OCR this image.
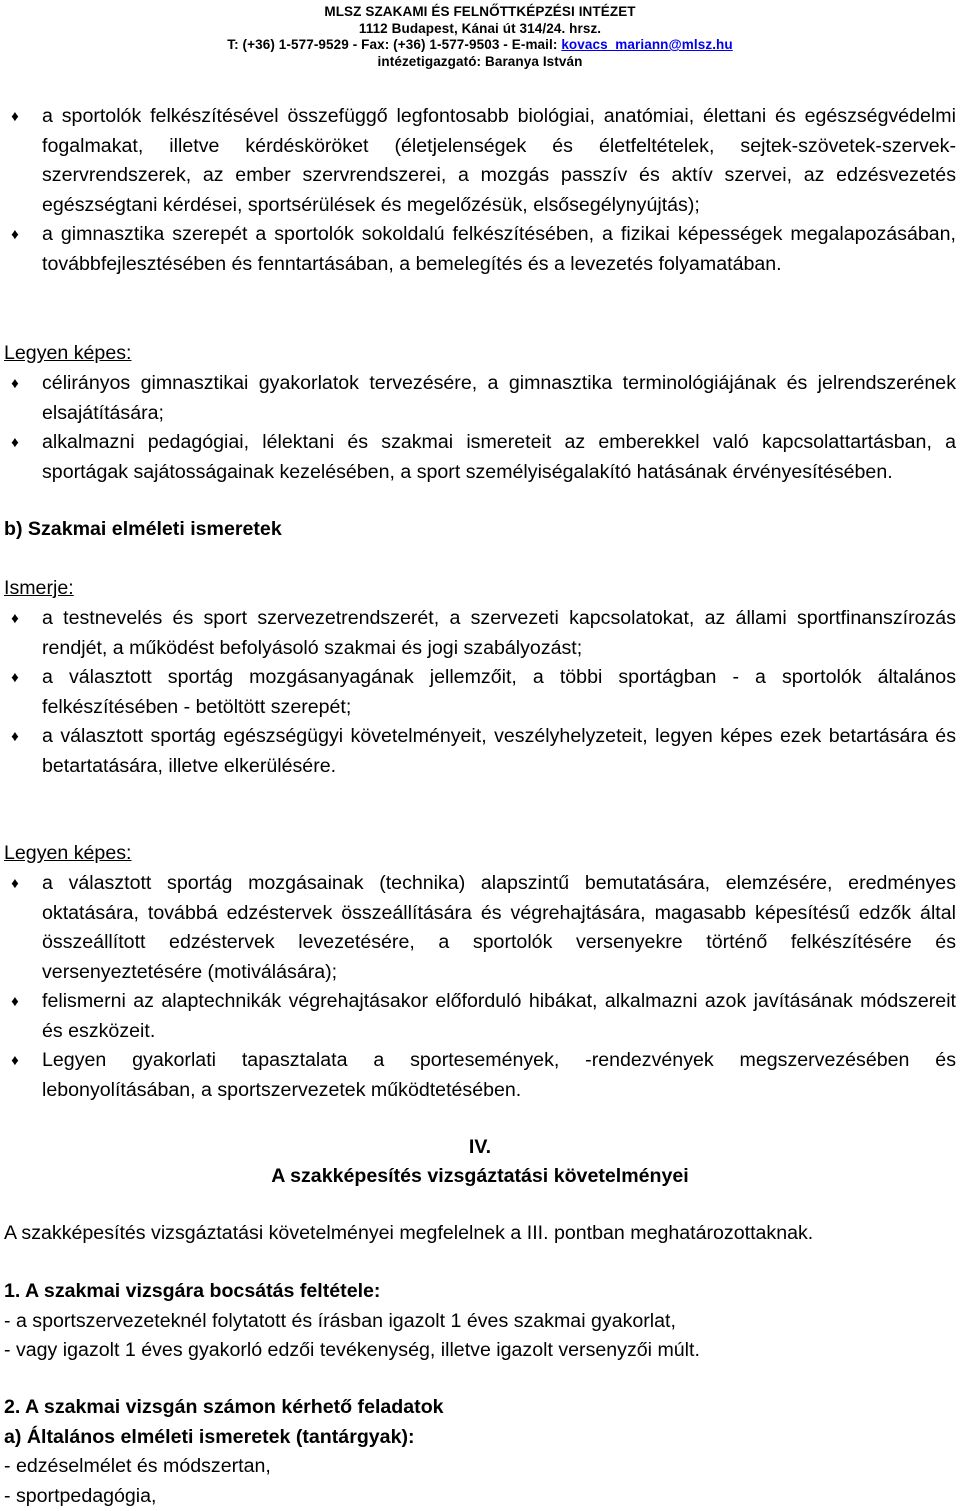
MLSZ SZAKAMI ÉS FELNŐTTKÉPZÉSI INTÉZET
1112 Budapest, Kánai út 314/24. hrsz.
T: (+36) 1-577-9529 - Fax: (+36) 1-577-9503 - E-mail: kovacs_mariann@mlsz.hu
intézetigazgató: Baranya István
♦	a sportolók felkészítésével összefüggő legfontosabb biológiai, anatómiai, élettani és egészségvédelmi fogalmakat, illetve kérdésköröket (életjelenségek és életfeltételek, sejtek-szövetek-szervek-szervrendszerek, az ember szervrendszerei, a mozgás passzív és aktív szervei, az edzésvezetés egészségtani kérdései, sportsérülések és megelőzésük, elsősegélynyújtás);
♦	a gimnasztika szerepét a sportolók sokoldalú felkészítésében, a fizikai képességek megalapozásában, továbbfejlesztésében és fenntartásában, a bemelegítés és a levezetés folyamatában.

Legyen képes:

♦	célirányos gimnasztikai gyakorlatok tervezésére, a gimnasztika terminológiájának és jelrendszerének elsajátítására;
♦	alkalmazni pedagógiai, lélektani és szakmai ismereteit az emberekkel való kapcsolattartásban, a sportágak sajátosságainak kezelésében, a sport személyiségalakító hatásának érvényesítésében.

b) Szakmai elméleti ismeretek

Ismerje:

♦	a testnevelés és sport szervezetrendszerét, a szervezeti kapcsolatokat, az állami sportfinanszírozás rendjét, a működést befolyásoló szakmai és jogi szabályozást;
♦	a választott sportág mozgásanyagának jellemzőit, a többi sportágban - a sportolók általános felkészítésében - betöltött szerepét;
♦	a választott sportág egészségügyi követelményeit, veszélyhelyzeteit, legyen képes ezek betartására és betartatására, illetve elkerülésére.

Legyen képes:

♦	a választott sportág mozgásainak (technika) alapszintű bemutatására, elemzésére, eredményes oktatására, továbbá edzéstervek összeállítására és végrehajtására, magasabb képesítésű edzők által összeállított edzéstervek levezetésére, a sportolók versenyekre történő felkészítésére és versenyeztetésére (motiválására);
♦	felismerni az alaptechnikák végrehajtásakor előforduló hibákat, alkalmazni azok javításának módszereit és eszközeit.
♦	Legyen gyakorlati tapasztalata a sportesemények, -rendezvények megszervezésében és lebonyolításában, a sportszervezetek működtetésében.

IV.

A szakképesítés vizsgáztatási követelményei

A szakképesítés vizsgáztatási követelményei megfelelnek a III. pontban meghatározottaknak.

1. A szakmai vizsgára bocsátás feltétele:

- a sportszervezeteknél folytatott és írásban igazolt 1 éves szakmai gyakorlat,

- vagy igazolt 1 éves gyakorló edzői tevékenység, illetve igazolt versenyzői múlt.

2. A szakmai vizsgán számon kérhető feladatok

a) Általános elméleti ismeretek (tantárgyak):

- edzéselmélet és módszertan,

- sportpedagógia,
